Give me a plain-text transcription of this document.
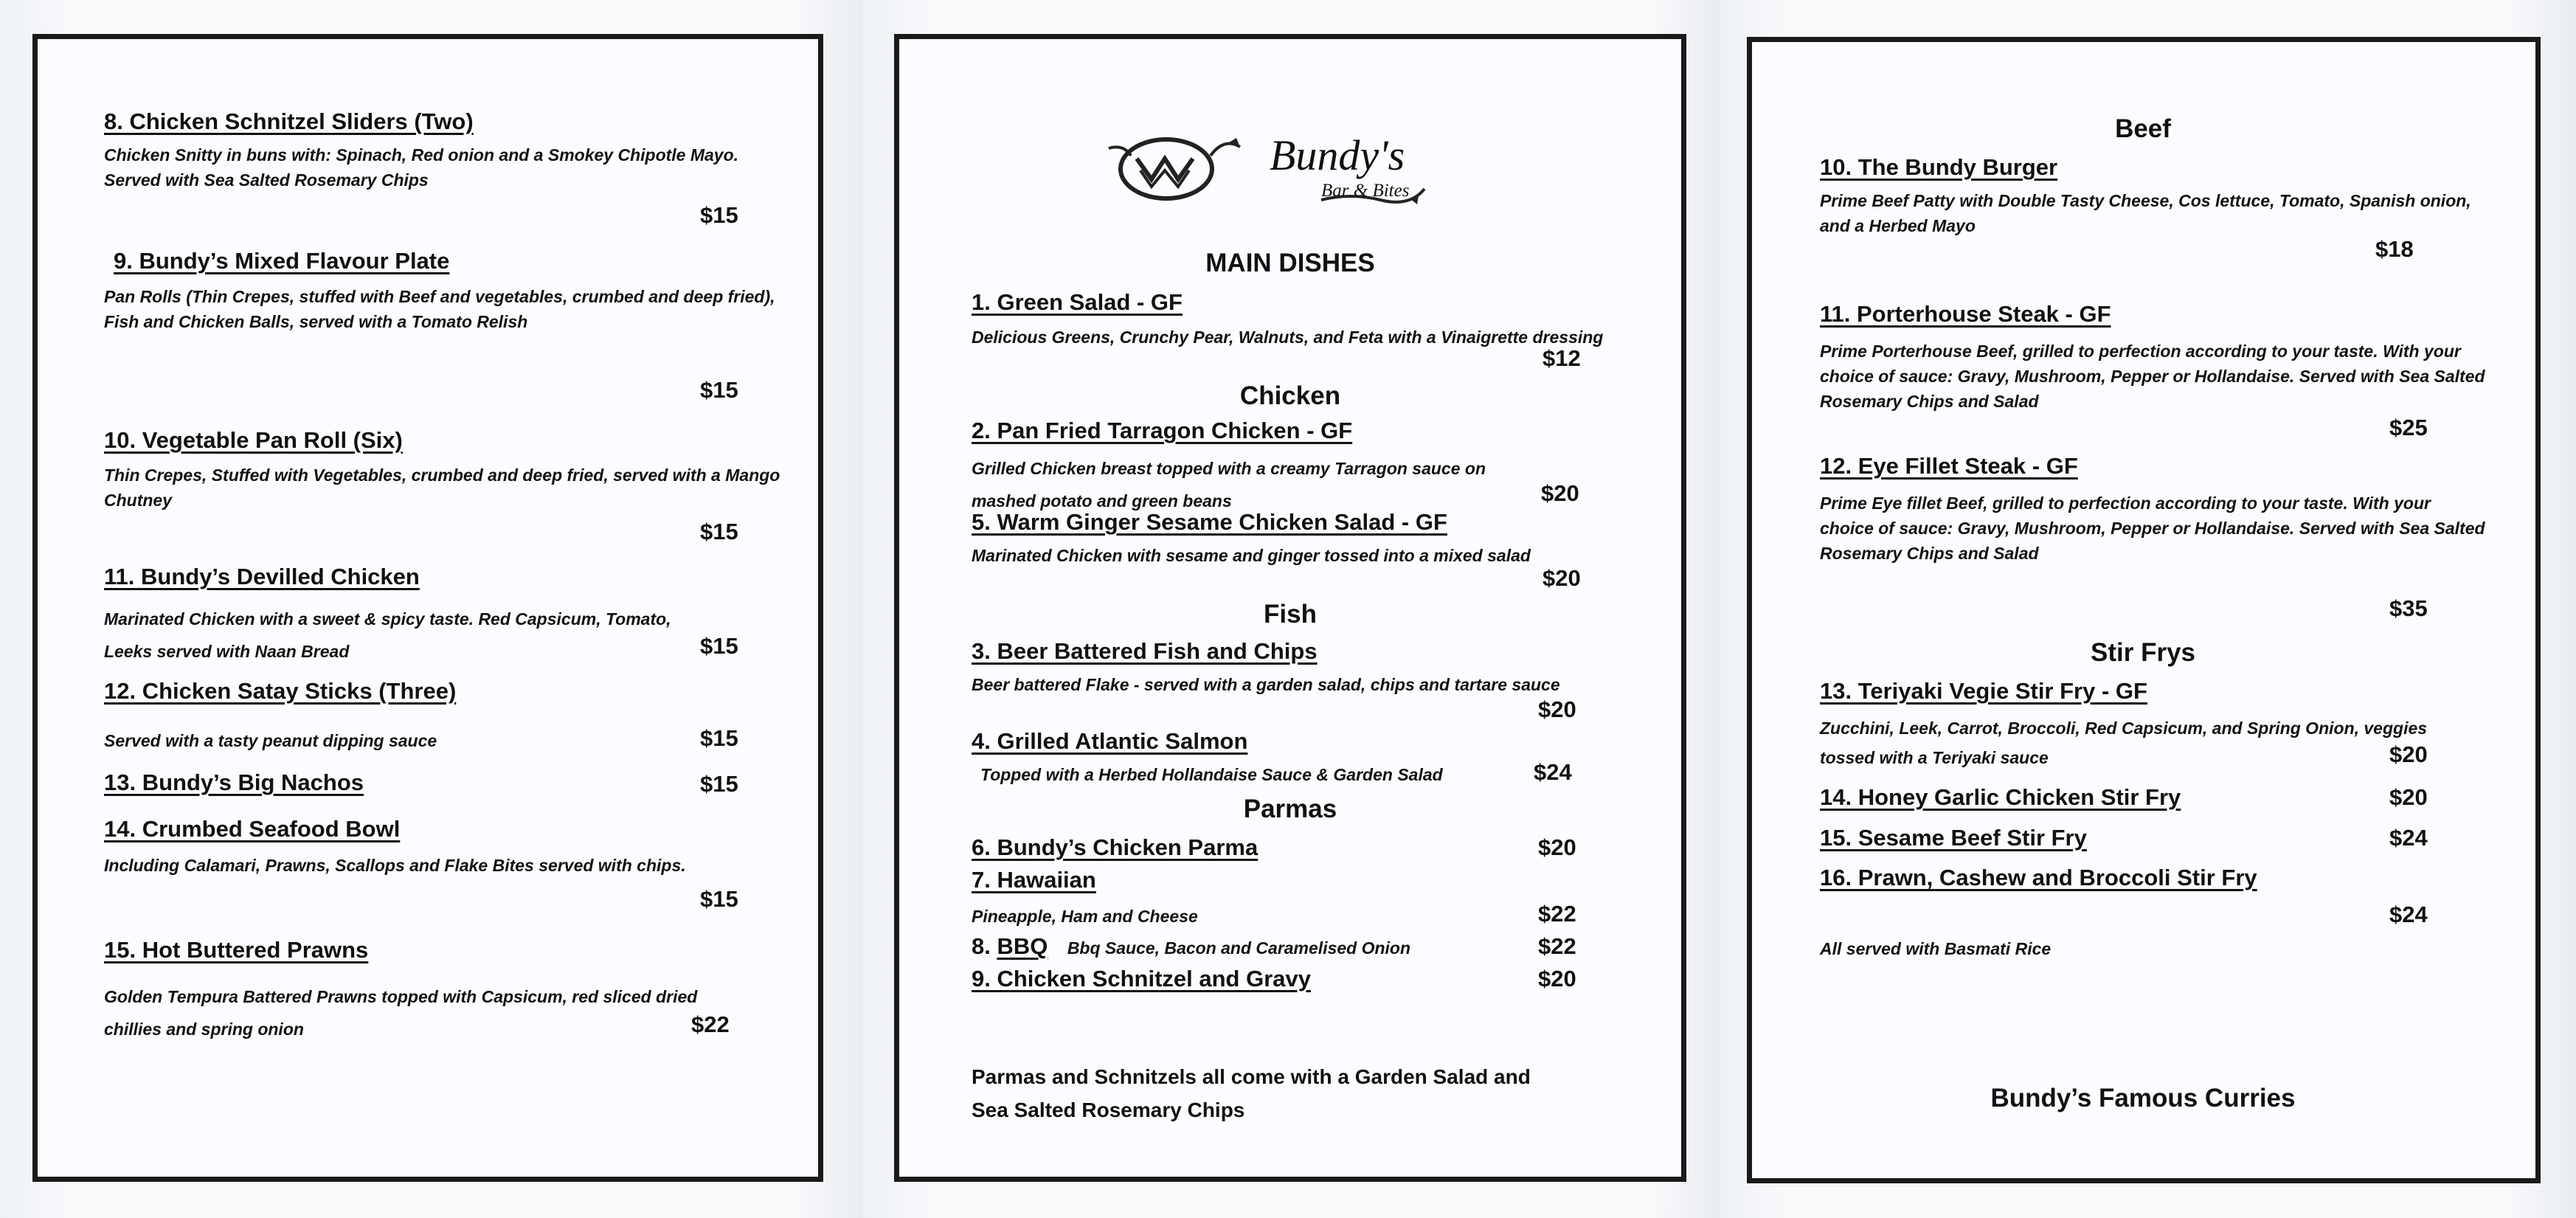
8. Chicken Schnitzel Sliders (Two)
Chicken Snitty in buns with: Spinach, Red onion and a Smokey Chipotle Mayo. Served with Sea Salted Rosemary Chips
$15
9. Bundy’s Mixed Flavour Plate
Pan Rolls (Thin Crepes, stuffed with Beef and vegetables, crumbed and deep fried), Fish and Chicken Balls, served with a Tomato Relish
$15
10. Vegetable Pan Roll (Six)
Thin Crepes, Stuffed with Vegetables, crumbed and deep fried, served with a Mango Chutney
$15
11. Bundy’s Devilled Chicken
Marinated Chicken with a sweet & spicy taste. Red Capsicum, Tomato, Leeks served with Naan Bread	$15
12. Chicken Satay Sticks (Three)
Served with a tasty peanut dipping sauce	$15
13. Bundy’s Big Nachos	$15
14. Crumbed Seafood Bowl
Including Calamari, Prawns, Scallops and Flake Bites served with chips.
$15
15. Hot Buttered Prawns
Golden Tempura Battered Prawns topped with Capsicum, red sliced dried chillies and spring onion	$22
Bundy's
Bar & Bites
MAIN DISHES
1. Green Salad - GF
Delicious Greens, Crunchy Pear, Walnuts, and Feta with a Vinaigrette dressing
$12
Chicken
2. Pan Fried Tarragon Chicken - GF
Grilled Chicken breast topped with a creamy Tarragon sauce on mashed potato and green beans	$20
5. Warm Ginger Sesame Chicken Salad - GF
Marinated Chicken with sesame and ginger tossed into a mixed salad
$20
Fish
3. Beer Battered Fish and Chips
Beer battered Flake - served with a garden salad, chips and tartare sauce
$20
4. Grilled Atlantic Salmon
Topped with a Herbed Hollandaise Sauce & Garden Salad	$24
Parmas
6. Bundy’s Chicken Parma	$20
7. Hawaiian
Pineapple, Ham and Cheese	$22
8. BBQ Bbq Sauce, Bacon and Caramelised Onion	$22
9. Chicken Schnitzel and Gravy	$20
Parmas and Schnitzels all come with a Garden Salad and Sea Salted Rosemary Chips
Beef
10. The Bundy Burger
Prime Beef Patty with Double Tasty Cheese, Cos lettuce, Tomato, Spanish onion, and a Herbed Mayo
$18
11. Porterhouse Steak - GF
Prime Porterhouse Beef, grilled to perfection according to your taste. With your choice of sauce: Gravy, Mushroom, Pepper or Hollandaise. Served with Sea Salted Rosemary Chips and Salad
$25
12. Eye Fillet Steak - GF
Prime Eye fillet Beef, grilled to perfection according to your taste. With your choice of sauce: Gravy, Mushroom, Pepper or Hollandaise. Served with Sea Salted Rosemary Chips and Salad
$35
Stir Frys
13. Teriyaki Vegie Stir Fry - GF
Zucchini, Leek, Carrot, Broccoli, Red Capsicum, and Spring Onion, veggies tossed with a Teriyaki sauce	$20
14. Honey Garlic Chicken Stir Fry	$20
15. Sesame Beef Stir Fry	$24
16. Prawn, Cashew and Broccoli Stir Fry
$24
All served with Basmati Rice
Bundy’s Famous Curries
